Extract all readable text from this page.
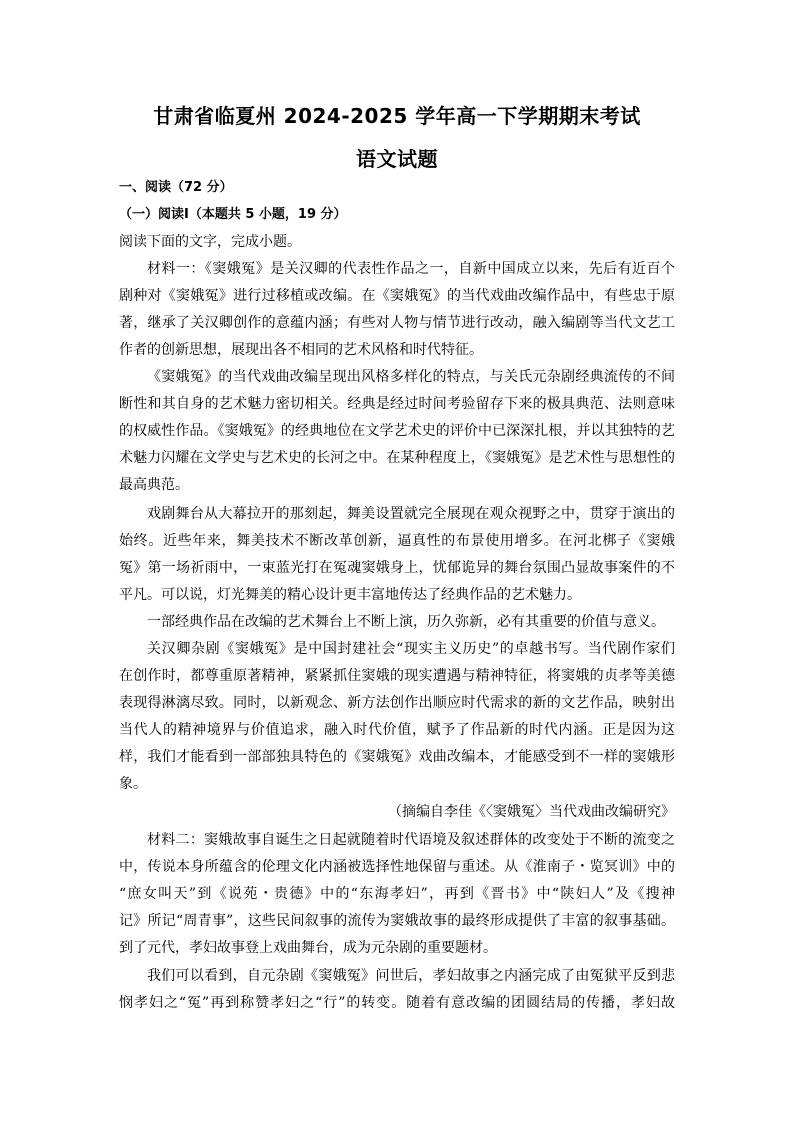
甘肃省临夏州 2024-2025 学年高一下学期期末考试
语文试题
一、阅读（72 分）
（一）阅读Ⅰ（本题共 5 小题，19 分）
阅读下面的文字，完成小题。
材料一：《窦娥冤》是关汉卿的代表性作品之一，自新中国成立以来，先后有近百个
剧种对《窦娥冤》进行过移植或改编。在《窦娥冤》的当代戏曲改编作品中，有些忠于原
著，继承了关汉卿创作的意蕴内涵；有些对人物与情节进行改动，融入编剧等当代文艺工
作者的创新思想，展现出各不相同的艺术风格和时代特征。
《窦娥冤》的当代戏曲改编呈现出风格多样化的特点，与关氏元杂剧经典流传的不间
断性和其自身的艺术魅力密切相关。经典是经过时间考验留存下来的极具典范、法则意味
的权威性作品。《窦娥冤》的经典地位在文学艺术史的评价中已深深扎根，并以其独特的艺
术魅力闪耀在文学史与艺术史的长河之中。在某种程度上，《窦娥冤》是艺术性与思想性的
最高典范。
戏剧舞台从大幕拉开的那刻起，舞美设置就完全展现在观众视野之中，贯穿于演出的
始终。近些年来，舞美技术不断改革创新，逼真性的布景使用增多。在河北梆子《窦娥
冤》第一场祈雨中，一束蓝光打在冤魂窦娥身上，忧郁诡异的舞台氛围凸显故事案件的不
平凡。可以说，灯光舞美的精心设计更丰富地传达了经典作品的艺术魅力。
一部经典作品在改编的艺术舞台上不断上演，历久弥新，必有其重要的价值与意义。
关汉卿杂剧《窦娥冤》是中国封建社会“现实主义历史”的卓越书写。当代剧作家们
在创作时，都尊重原著精神，紧紧抓住窦娥的现实遭遇与精神特征，将窦娥的贞孝等美德
表现得淋漓尽致。同时，以新观念、新方法创作出顺应时代需求的新的文艺作品，映射出
当代人的精神境界与价值追求，融入时代价值，赋予了作品新的时代内涵。正是因为这
样，我们才能看到一部部独具特色的《窦娥冤》戏曲改编本，才能感受到不一样的窦娥形
象。
（摘编自李佳《〈窦娥冤〉当代戏曲改编研究》
材料二：窦娥故事自诞生之日起就随着时代语境及叙述群体的改变处于不断的流变之
中，传说本身所蕴含的伦理文化内涵被选择性地保留与重述。从《淮南子・览冥训》中的
“庶女叫天”到《说苑・贵德》中的“东海孝妇”，再到《晋书》中“陕妇人”及《搜神
记》所记“周青事”，这些民间叙事的流传为窦娥故事的最终形成提供了丰富的叙事基础。
到了元代，孝妇故事登上戏曲舞台，成为元杂剧的重要题材。
我们可以看到，自元杂剧《窦娥冤》问世后，孝妇故事之内涵完成了由冤狱平反到悲
悯孝妇之“冤”再到称赞孝妇之“行”的转变。随着有意改编的团圆结局的传播，孝妇故
